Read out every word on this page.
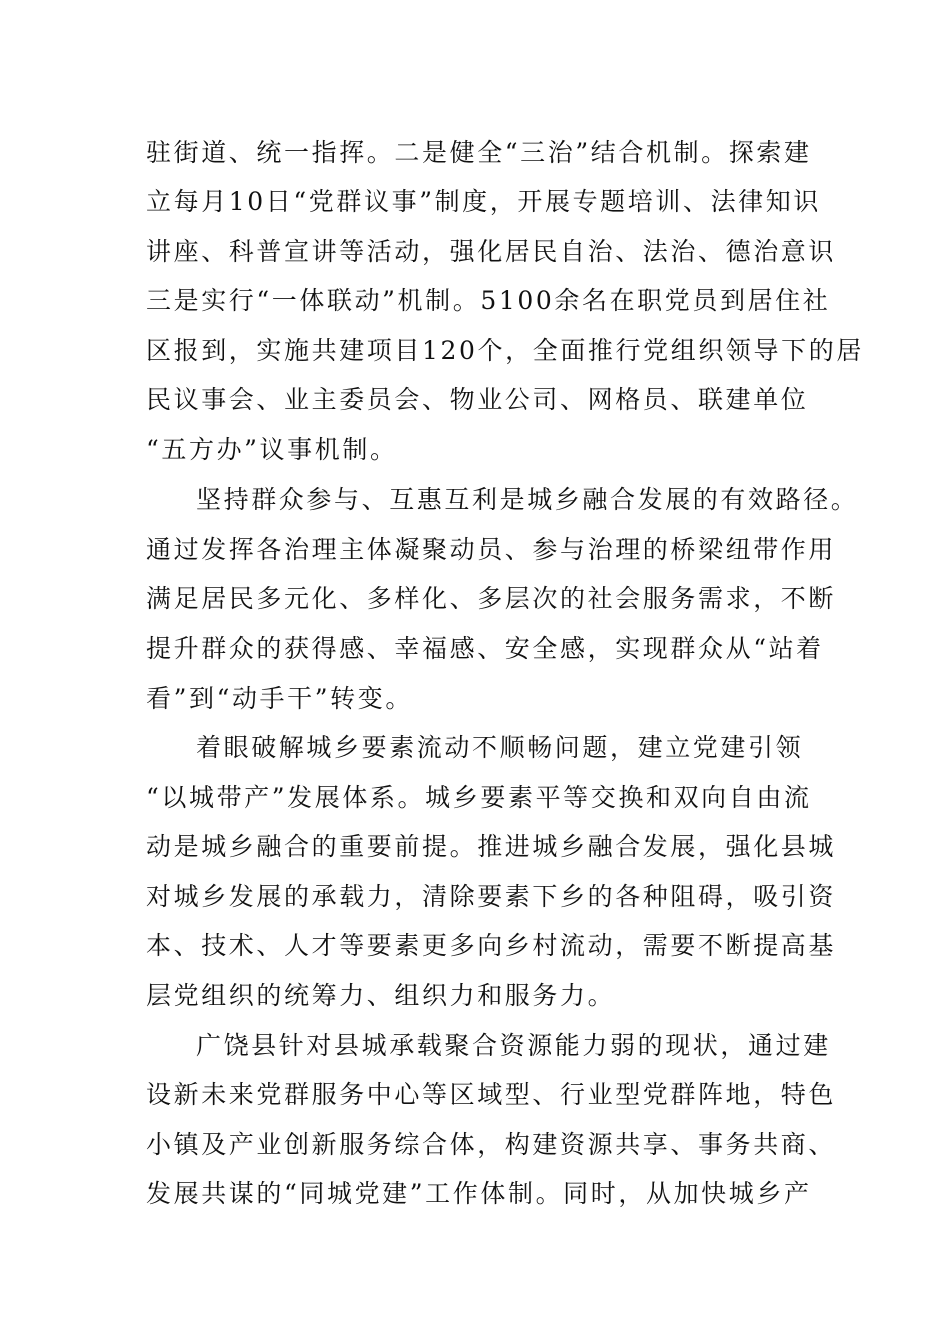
驻街道、统一指挥。二是健全“三治”结合机制。探索建
立每月10日“党群议事”制度，开展专题培训、法律知识
讲座、科普宣讲等活动，强化居民自治、法治、德治意识
三是实行“一体联动”机制。5100余名在职党员到居住社
区报到，实施共建项目120个，全面推行党组织领导下的居
民议事会、业主委员会、物业公司、网格员、联建单位
“五方办”议事机制。
坚持群众参与、互惠互利是城乡融合发展的有效路径。
通过发挥各治理主体凝聚动员、参与治理的桥梁纽带作用
满足居民多元化、多样化、多层次的社会服务需求，不断
提升群众的获得感、幸福感、安全感，实现群众从“站着
看”到“动手干”转变。
着眼破解城乡要素流动不顺畅问题，建立党建引领
“以城带产”发展体系。城乡要素平等交换和双向自由流
动是城乡融合的重要前提。推进城乡融合发展，强化县城
对城乡发展的承载力，清除要素下乡的各种阻碍，吸引资
本、技术、人才等要素更多向乡村流动，需要不断提高基
层党组织的统筹力、组织力和服务力。
广饶县针对县城承载聚合资源能力弱的现状，通过建
设新未来党群服务中心等区域型、行业型党群阵地，特色
小镇及产业创新服务综合体，构建资源共享、事务共商、
发展共谋的“同城党建”工作体制。同时，从加快城乡产
